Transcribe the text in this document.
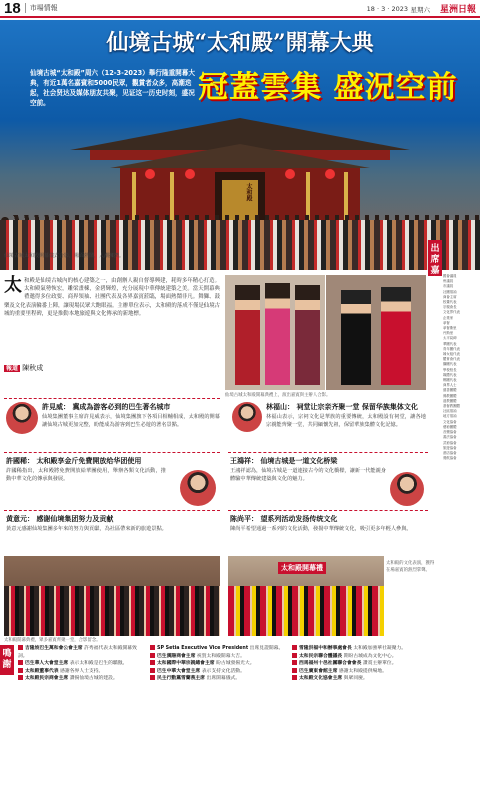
18	市場情報	18 · 3 · 2023 星期六 星洲日報
仙境古城“太和殿”開幕大典
仙境古城“太和殿”周六（12-3-2023）舉行隆重開幕大典，有近1萬名嘉賓和5000民眾，觀賞者众多，高潮迭起，社会贤达及媒体朋友共聚，见证这一历史时刻，盛况空前。	冠蓋雲集 盛況空前
太和殿
仙境古城太和殿開幕儀式合影，場面熱鬧，人潮擁擠。
出席嘉賓
太 和殿是仙境古城內的核心建築之一，由創辦人親自督導興建，耗時多年精心打造。太和殿氣勢恢宏，雕梁畫棟，金碧輝煌，充分展現中華傳統建築之美。當天開幕典禮邀得多位政要、商界領袖、社團代表及各界嘉賓蒞臨，場面熱鬧非凡。舞獅、鼓樂及文化表演輪番上陣，讓現場民眾大飽眼福。主辦單位表示，太和殿的落成不僅是仙境古城的重要里程碑，更是推動本地旅遊與文化傳承的新地標。
報道 陳秋成
仙境古城太和殿開幕典禮上，演出嘉賓與主辦人合影。
許見威： 冀成為游客必到的巴生著名城市
仙境集團董事主席許見威表示，仙境集團旗下各項目相輔相成，太和殿的開幕讓仙境古城更加完整，盼能成為游客到巴生必遊的著名景點。
林福山： 祠堂让宗亲齐聚一堂 保留华族集体文化
林福山表示，宗祠文化是華族的重要傳統，太和殿設有祠堂，讓各地宗親能齊聚一堂，共同緬懷先祖，保留華族集體文化記憶。
許國稀： 太和殿享金斤免費開放给华团使用
許國稀指出，太和殿將免費開放給華團使用，舉辦各類文化活動，推動中華文化的傳承與發展。
王鴻祥： 仙境古城是一道文化桥梁
王鴻祥認為，仙境古城是一道連接古今的文化橋樑，讓新一代能親身體驗中華傳統建築與文化的魅力。
黄意元： 感谢仙境集团努力及贡献
黃意元感謝仙境集團多年來的努力與貢獻，為社區帶來新的旅遊景點。
陈尚平： 望系列活动发扬传统文化
陳尚平希望通過一系列的文化活動，發揚中華傳統文化，吸引更多年輕人參與。
太和殿開幕典禮，眾多嘉賓齊聚一堂，合影留念。
太和殿開幕禮
太和殿的文化表演，獲得在場嘉賓的熱烈掌聲。
國會議員
州議員
市議員
社團領袖
商會主席
校董代表
宗親會長
文化界代表
企業家
拿督
拿督斯里
丹斯里
太平局紳
華團代表
青年團代表
婦女組代表
體育會代表
獅團代表
學校校長
媒體代表
鄉團代表
商界人士
慈善團體
佛教團體
道教團體
基督教團體
社區領袖
地方領袖
文化協會
藝術團體
音樂協會
書法協會
武術協會
旅遊協會
酒店協會
餐飲協會
鳴謝
吉隆坡巴生萬和會公會主席 許秀福代表太和殿開幕致詞。
巴生華人大會堂主席 表示太和殿是巴生的驕傲。
太和殿董事代表 感謝各界人士支持。
太和殿民宗商會主席 讚揚仙境古城的建設。
SP Setia Executive Vice President 出席見證開幕。
巴生漢陽商會主席 祝賀太和殿開幕大吉。
太和國際中華宗親總會主席 盼古城發揚光大。
巴生中華大會堂主席 表示支持文化活動。
民主行動黨雪蘭莪主席 出席開幕儀式。
雪隆洪福中和辦事處會長 太和殿加強華社凝聚力。
太和民宗聯合體議長 期盼古城成為文化中心。
西馬福州十邑社團聯合會會長 讚賞主辦單位。
巴生廣東會館主席 感謝太和殿提供場地。
太和殿文化協會主席 與眾同慶。
